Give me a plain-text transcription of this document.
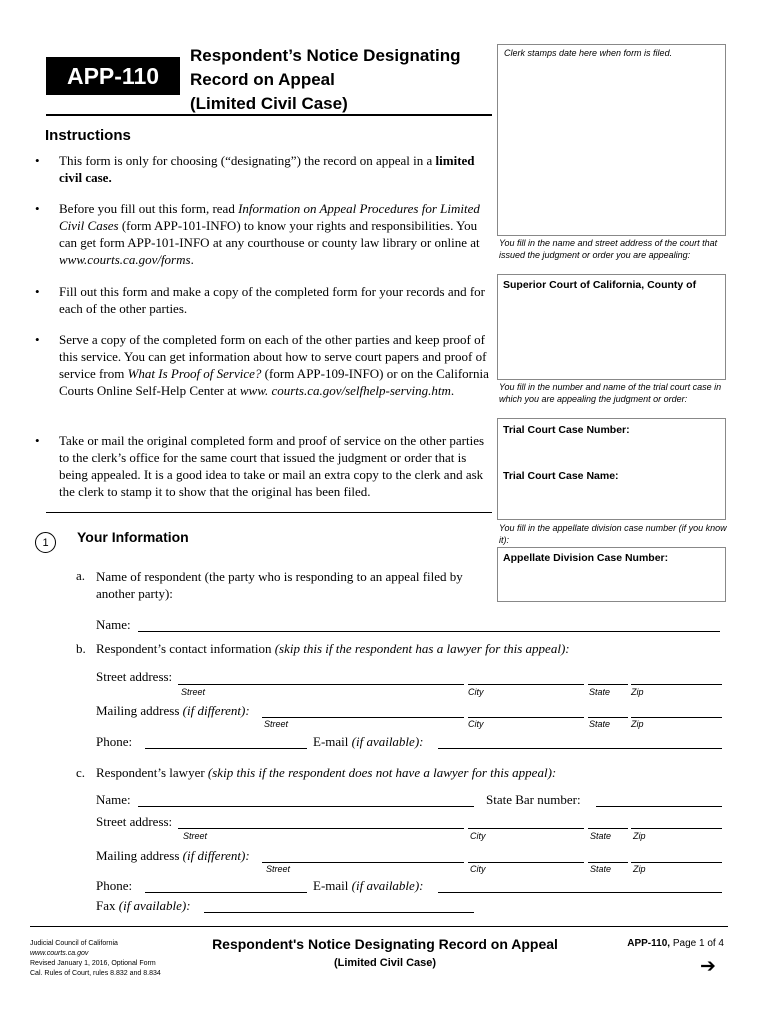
APP-110
Respondent’s Notice Designating
Record on Appeal
(Limited Civil Case)
Clerk stamps date here when form is filed.
Instructions
• This form is only for choosing (“designating”) the record on appeal in a limited civil case.
• Before you fill out this form, read Information on Appeal Procedures for Limited Civil Cases (form APP-101-INFO) to know your rights and responsibilities. You can get form APP-101-INFO at any courthouse or county law library or online at www.courts.ca.gov/forms.
• Fill out this form and make a copy of the completed form for your records and for each of the other parties.
• Serve a copy of the completed form on each of the other parties and keep proof of this service. You can get information about how to serve court papers and proof of service from What Is Proof of Service? (form APP-109-INFO) or on the California Courts Online Self-Help Center at www. courts.ca.gov/selfhelp-serving.htm.
• Take or mail the original completed form and proof of service on the other parties to the clerk’s office for the same court that issued the judgment or order that is being appealed. It is a good idea to take or mail an extra copy to the clerk and ask the clerk to stamp it to show that the original has been filed.
You fill in the name and street address of the court that issued the judgment or order you are appealing:
Superior Court of California, County of
You fill in the number and name of the trial court case in which you are appealing the judgment or order:
Trial Court Case Number:
Trial Court Case Name:
You fill in the appellate division case number (if you know it):
Appellate Division Case Number:
1	Your Information
a. Name of respondent (the party who is responding to an appeal filed by another party):
Name:
b. Respondent’s contact information (skip this if the respondent has a lawyer for this appeal):
Street address:
Street	City	State Zip
Mailing address (if different):
Street	City	State Zip
Phone:	E-mail (if available):
c. Respondent’s lawyer (skip this if the respondent does not have a lawyer for this appeal):
Name:	State Bar number:
Street address:
Street	City	State Zip
Mailing address (if different):
Street	City	State Zip
Phone:	E-mail (if available):
Fax (if available):
Judicial Council of California
www.courts.ca.gov
Revised January 1, 2016, Optional Form
Cal. Rules of Court, rules 8.832 and 8.834
Respondent's Notice Designating Record on Appeal
(Limited Civil Case)
APP-110, Page 1 of 4
➔
